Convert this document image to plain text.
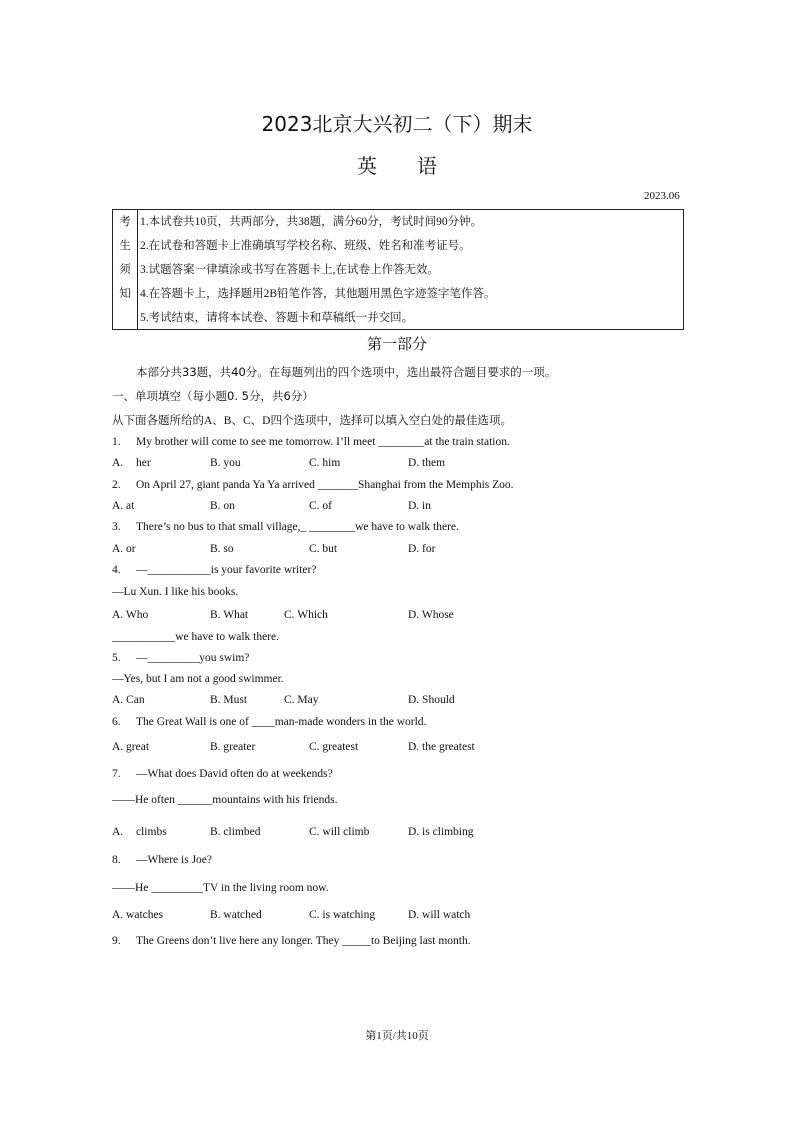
2023北京大兴初二（下）期末
英语
2023.06
考
生
须
知
1.本试卷共10页，共两部分，共38题，满分60分，考试时间90分钟。
2.在试卷和答题卡上准确填写学校名称、班级、姓名和准考证号。
3.试题答案一律填涂或书写在答题卡上,在试卷上作答无效。
4.在答题卡上，选择题用2B铅笔作答，其他题用黑色字迹签字笔作答。
5.考试结束，请将本试卷、答题卡和草稿纸一并交回。
第一部分
本部分共33题，共40分。在每题列出的四个选项中，选出最符合题目要求的一项。
一、单项填空（每小题0. 5分，共6分）
从下面各题所给的A、B、C、D四个选项中，选择可以填入空白处的最佳选项。
1. My brother will come to see me tomorrow. I’ll meet ________at the train station.
A. her	B. you	C. him	D. them
2. On April 27, giant panda Ya Ya arrived _______Shanghai from the Memphis Zoo.
A. at	B. on	C. of	D. in
3. There’s no bus to that small village,_ ________we have to walk there.
A. or	B. so	C. but	D. for
4. —___________is your favorite writer?
—Lu Xun. I like his books.
A. Who	B. What	C. Which	D. Whose
___________we have to walk there.
5. —_________you swim?
—Yes, but I am not a good swimmer.
A. Can	B. Must	C. May	D. Should
6. The Great Wall is one of ____man-made wonders in the world.
A. great	B. greater	C. greatest	D. the greatest
7. —What does David often do at weekends?
——He often ______mountains with his friends.
A. climbs	B. climbed	C. will climb	D. is climbing
8. —Where is Joe?
——He _________TV in the living room now.
A. watches	B. watched	C. is watching	D. will watch
9. The Greens don’t live here any longer. They _____to Beijing last month.
第1页/共10页
